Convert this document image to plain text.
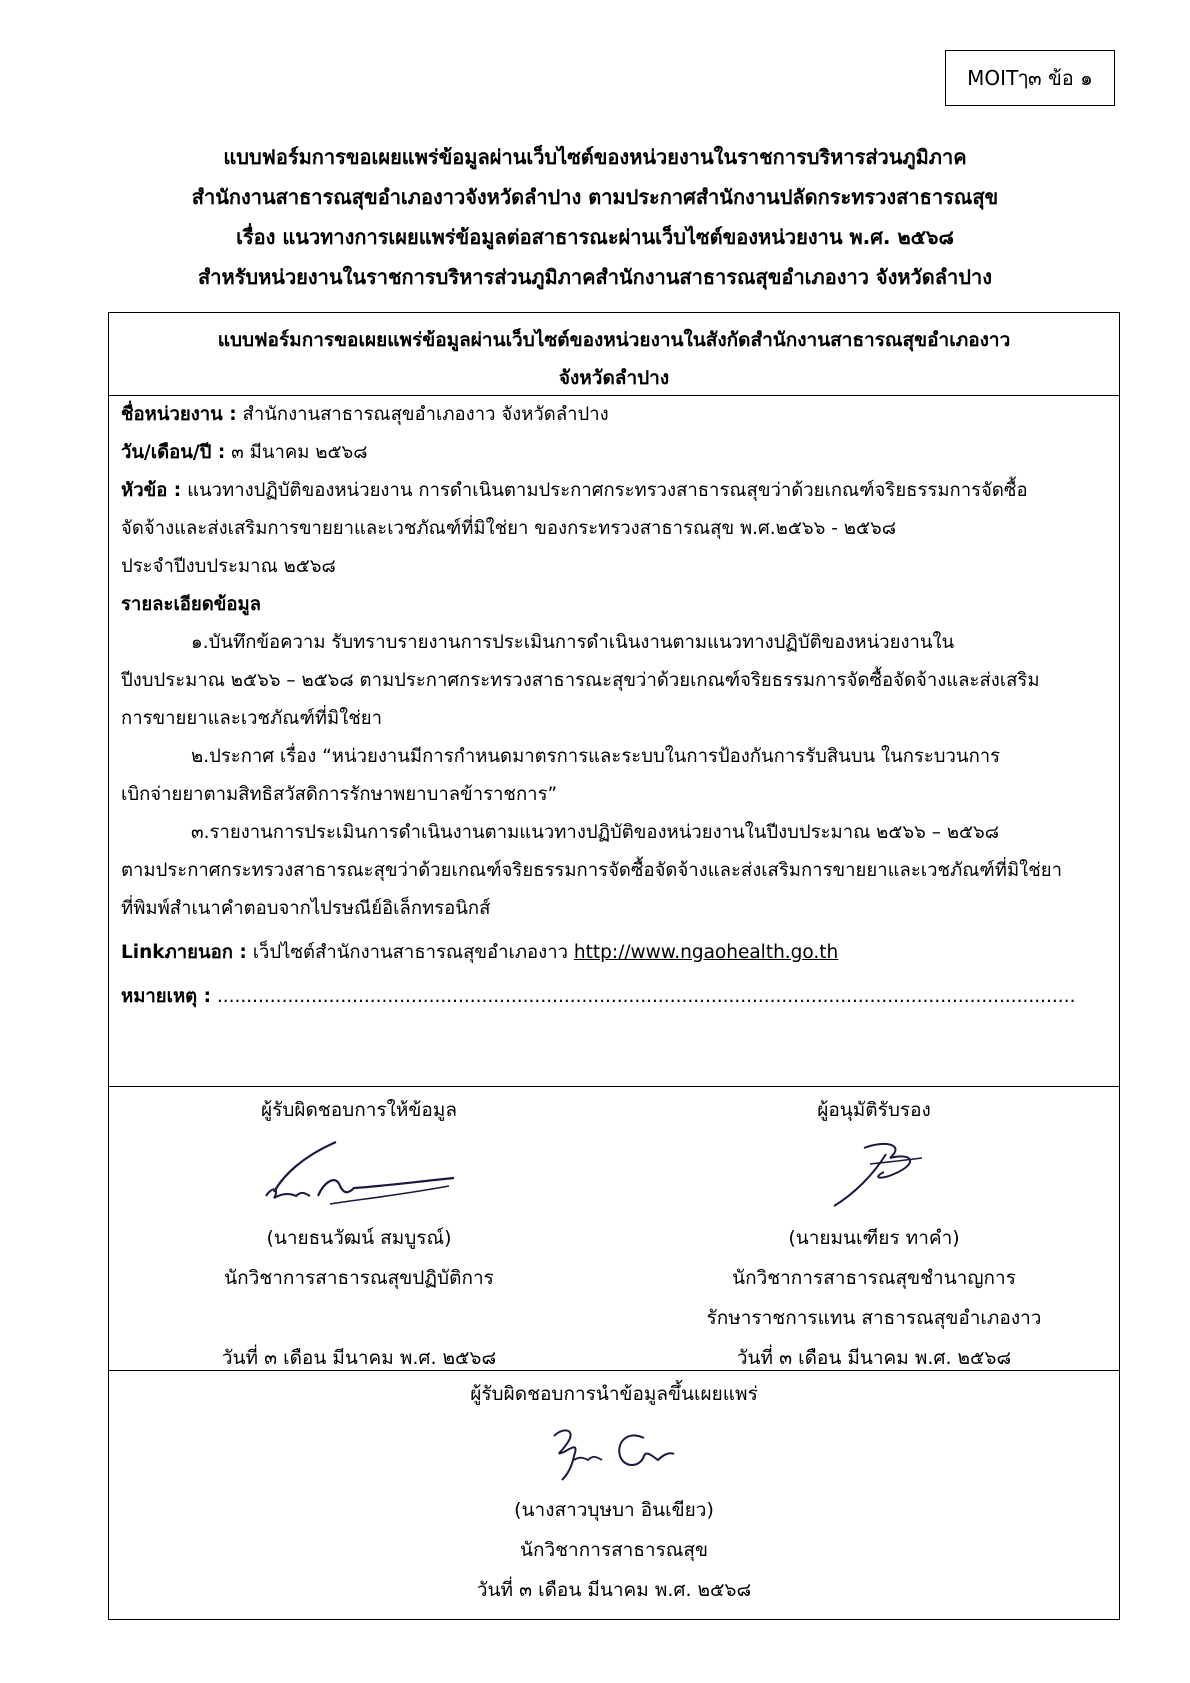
MOITๅ๓ ข้อ ๑
แบบฟอร์มการขอเผยแพร่ข้อมูลผ่านเว็บไซต์ของหน่วยงานในราชการบริหารส่วนภูมิภาค
สำนักงานสาธารณสุขอำเภองาวจังหวัดลำปาง ตามประกาศสำนักงานปลัดกระทรวงสาธารณสุข
เรื่อง แนวทางการเผยแพร่ข้อมูลต่อสาธารณะผ่านเว็บไซต์ของหน่วยงาน พ.ศ. ๒๕๖๘
สำหรับหน่วยงานในราชการบริหารส่วนภูมิภาคสำนักงานสาธารณสุขอำเภองาว จังหวัดลำปาง
แบบฟอร์มการขอเผยแพร่ข้อมูลผ่านเว็บไซต์ของหน่วยงานในสังกัดสำนักงานสาธารณสุขอำเภองาว
จังหวัดลำปาง
ชื่อหน่วยงาน : สำนักงานสาธารณสุขอำเภองาว จังหวัดลำปาง
วัน/เดือน/ปี : ๓ มีนาคม ๒๕๖๘
หัวข้อ : แนวทางปฏิบัติของหน่วยงาน การดำเนินตามประกาศกระทรวงสาธารณสุขว่าด้วยเกณฑ์จริยธรรมการจัดซื้อ
จัดจ้างและส่งเสริมการขายยาและเวชภัณฑ์ที่มิใช่ยา ของกระทรวงสาธารณสุข พ.ศ.๒๕๖๖ - ๒๕๖๘
ประจำปีงบประมาณ ๒๕๖๘
รายละเอียดข้อมูล
๑.บันทึกข้อความ รับทราบรายงานการประเมินการดำเนินงานตามแนวทางปฏิบัติของหน่วยงานใน
ปีงบประมาณ ๒๕๖๖ – ๒๕๖๘ ตามประกาศกระทรวงสาธารณะสุขว่าด้วยเกณฑ์จริยธรรมการจัดซื้อจัดจ้างและส่งเสริม
การขายยาและเวชภัณฑ์ที่มิใช่ยา
๒.ประกาศ เรื่อง “หน่วยงานมีการกำหนดมาตรการและระบบในการป้องกันการรับสินบน ในกระบวนการ
เบิกจ่ายยาตามสิทธิสวัสดิการรักษาพยาบาลข้าราชการ”
๓.รายงานการประเมินการดำเนินงานตามแนวทางปฏิบัติของหน่วยงานในปีงบประมาณ ๒๕๖๖ – ๒๕๖๘
ตามประกาศกระทรวงสาธารณะสุขว่าด้วยเกณฑ์จริยธรรมการจัดซื้อจัดจ้างและส่งเสริมการขายยาและเวชภัณฑ์ที่มิใช่ยา
ที่พิมพ์สำเนาคำตอบจากไปรษณีย์อิเล็กทรอนิกส์
Linkภายนอก : เว็ปไซต์สำนักงานสาธารณสุขอำเภองาว http://www.ngaohealth.go.th
หมายเหตุ : ..................................................................................................................................................
ผู้รับผิดชอบการให้ข้อมูล
(นายธนวัฒน์ สมบูรณ์)
นักวิชาการสาธารณสุขปฏิบัติการ
วันที่ ๓ เดือน มีนาคม พ.ศ. ๒๕๖๘
ผู้อนุมัติรับรอง
(นายมนเฑียร ทาคำ)
นักวิชาการสาธารณสุขชำนาญการ
รักษาราชการแทน สาธารณสุขอำเภองาว
วันที่ ๓ เดือน มีนาคม พ.ศ. ๒๕๖๘
ผู้รับผิดชอบการนำข้อมูลขึ้นเผยแพร่
(นางสาวบุษบา อินเขียว)
นักวิชาการสาธารณสุข
วันที่ ๓ เดือน มีนาคม พ.ศ. ๒๕๖๘
